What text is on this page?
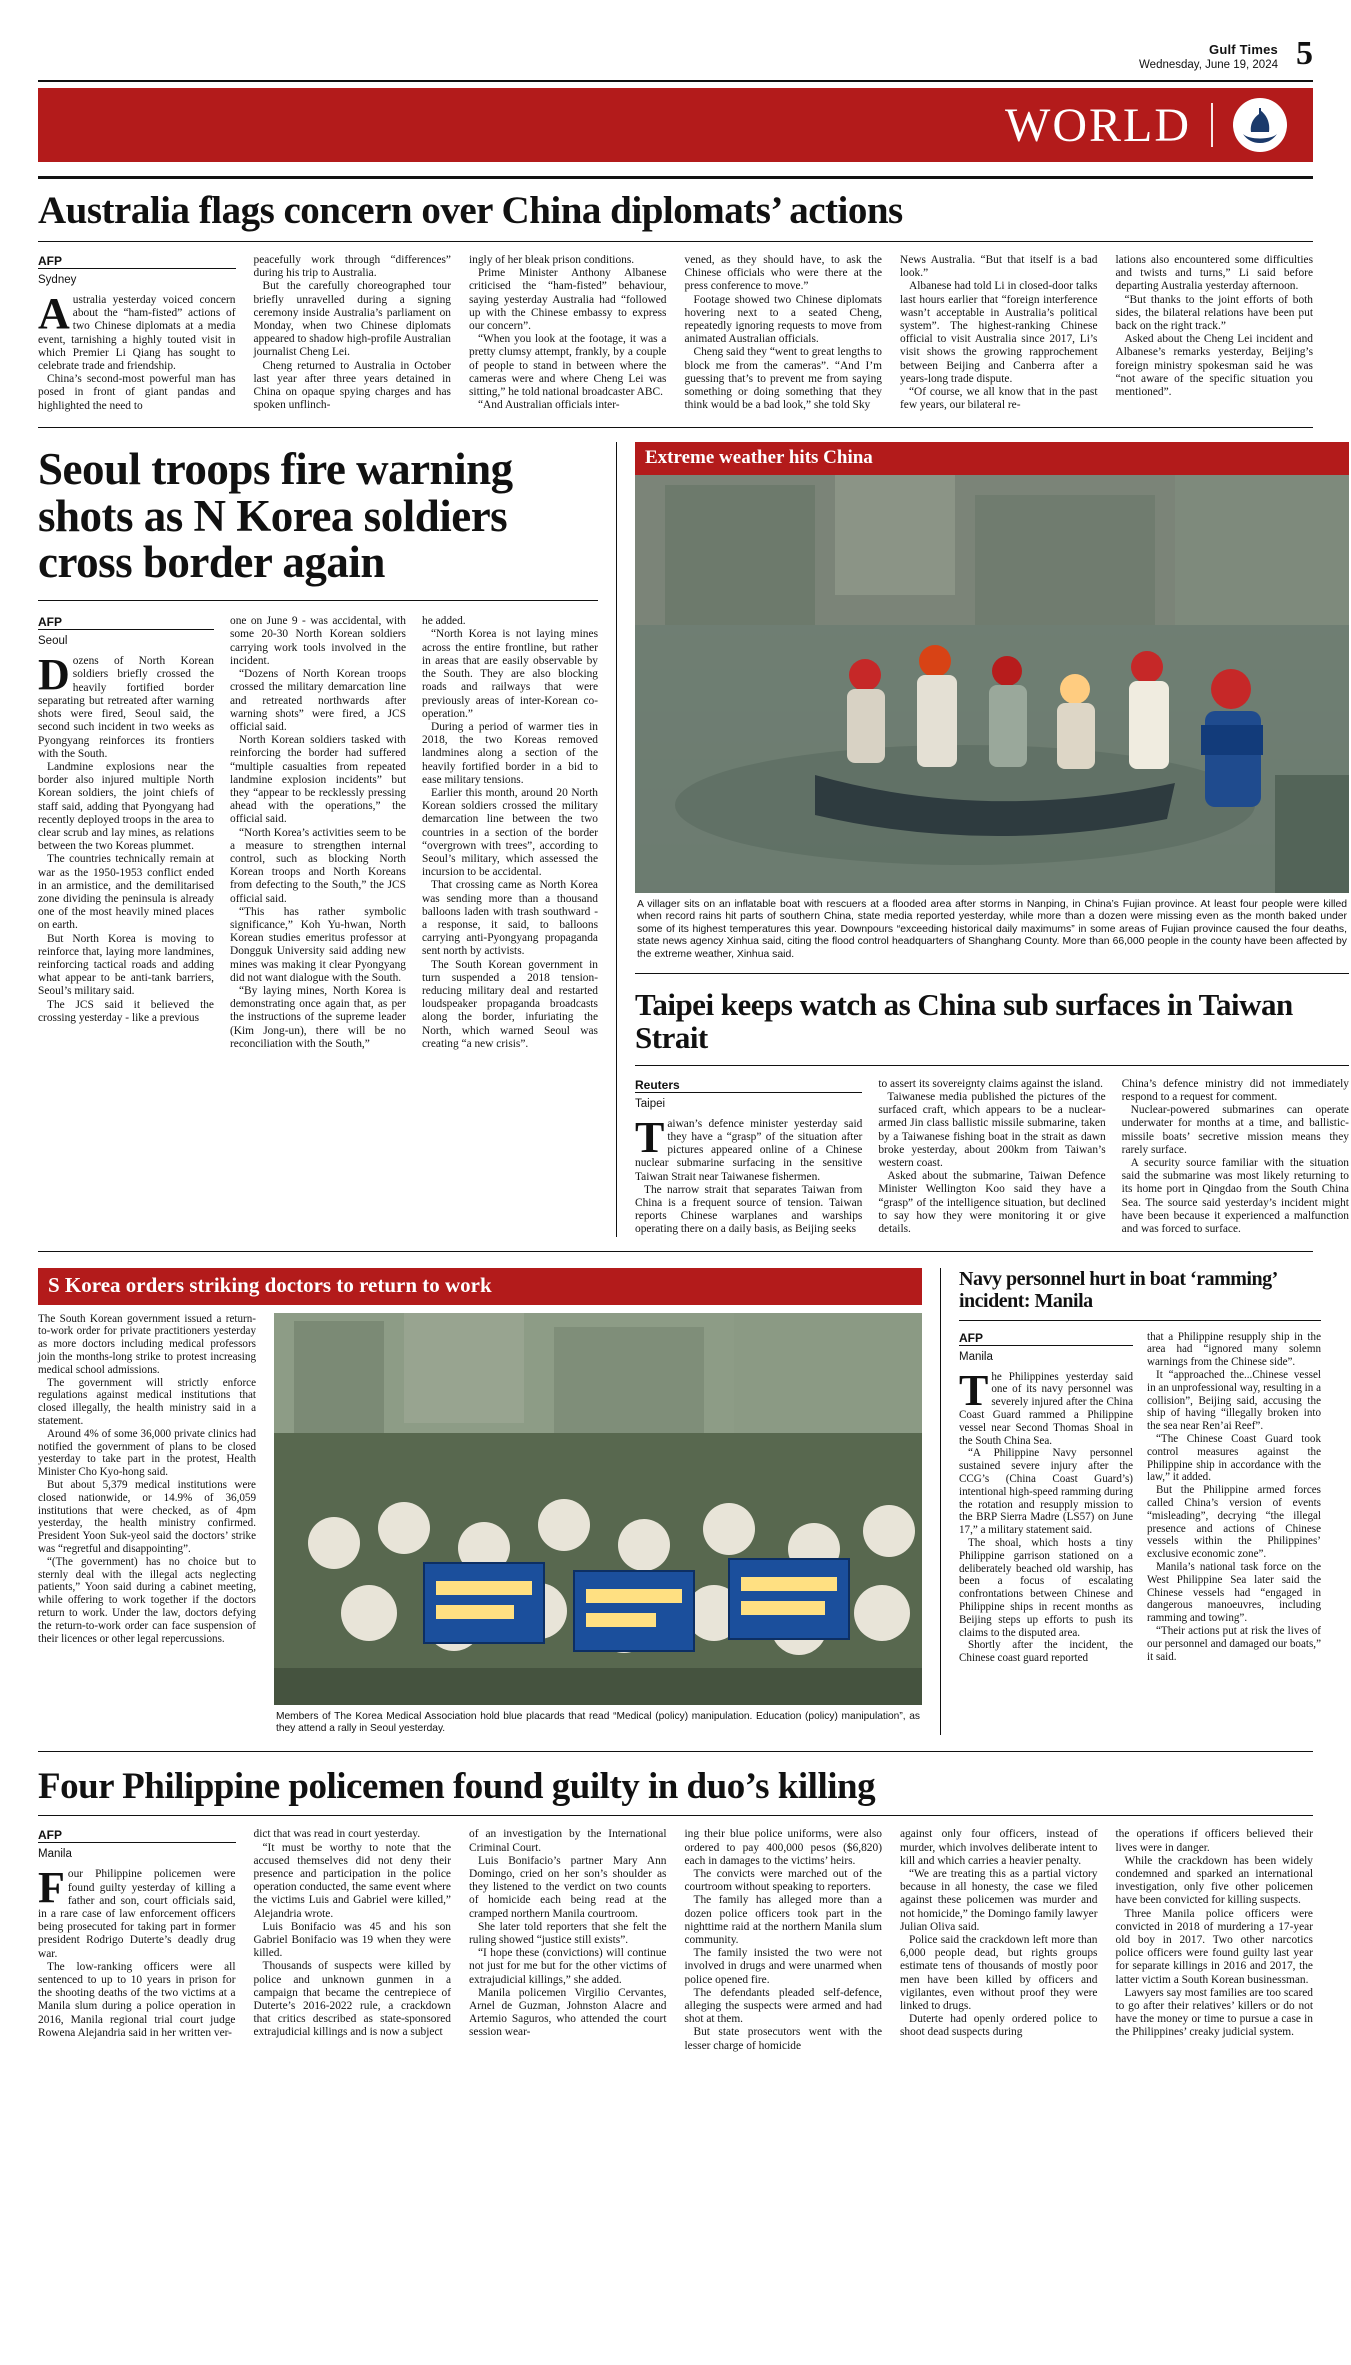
Gulf Times
Wednesday, June 19, 2024 5
WORLD
Australia flags concern over China diplomats’ actions
AFP
Sydney

Australia yesterday voiced concern about the “ham-fisted” actions of two Chinese diplomats at a media event, tarnishing a highly touted visit in which Premier Li Qiang has sought to celebrate trade and friendship.

China’s second-most powerful man has posed in front of giant pandas and highlighted the need to

peacefully work through “differences” during his trip to Australia.

But the carefully choreographed tour briefly unravelled during a signing ceremony inside Australia’s parliament on Monday, when two Chinese diplomats appeared to shadow high-profile Australian journalist Cheng Lei.

Cheng returned to Australia in October last year after three years detained in China on opaque spying charges and has spoken unflinch-

ingly of her bleak prison conditions.

Prime Minister Anthony Albanese criticised the “ham-fisted” behaviour, saying yesterday Australia had “followed up with the Chinese embassy to express our concern”.

“When you look at the footage, it was a pretty clumsy attempt, frankly, by a couple of people to stand in between where the cameras were and where Cheng Lei was sitting,” he told national broadcaster ABC.

“And Australian officials inter-

vened, as they should have, to ask the Chinese officials who were there at the press conference to move.”

Footage showed two Chinese diplomats hovering next to a seated Cheng, repeatedly ignoring requests to move from animated Australian officials.

Cheng said they “went to great lengths to block me from the cameras”. “And I’m guessing that’s to prevent me from saying something or doing something that they think would be a bad look,” she told Sky

News Australia. “But that itself is a bad look.”

Albanese had told Li in closed-door talks last hours earlier that “foreign interference wasn’t acceptable in Australia’s political system”. The highest-ranking Chinese official to visit Australia since 2017, Li’s visit shows the growing rapprochement between Beijing and Canberra after a years-long trade dispute.

“Of course, we all know that in the past few years, our bilateral re-

lations also encountered some difficulties and twists and turns,” Li said before departing Australia yesterday afternoon.

“But thanks to the joint efforts of both sides, the bilateral relations have been put back on the right track.”

Asked about the Cheng Lei incident and Albanese’s remarks yesterday, Beijing’s foreign ministry spokesman said he was “not aware of the specific situation you mentioned”.

Seoul troops fire warning shots as N Korea soldiers cross border again
AFP
Seoul

Dozens of North Korean soldiers briefly crossed the heavily fortified border separating but retreated after warning shots were fired, Seoul said, the second such incident in two weeks as Pyongyang reinforces its frontiers with the South.

Landmine explosions near the border also injured multiple North Korean soldiers, the joint chiefs of staff said, adding that Pyongyang had recently deployed troops in the area to clear scrub and lay mines, as relations between the two Koreas plummet.

The countries technically remain at war as the 1950-1953 conflict ended in an armistice, and the demilitarised zone dividing the peninsula is already one of the most heavily mined places on earth.

But North Korea is moving to reinforce that, laying more landmines, reinforcing tactical roads and adding what appear to be anti-tank barriers, Seoul’s military said.

The JCS said it believed the crossing yesterday - like a previous

one on June 9 - was accidental, with some 20-30 North Korean soldiers carrying work tools involved in the incident.

“Dozens of North Korean troops crossed the military demarcation line and retreated northwards after warning shots” were fired, a JCS official said.

North Korean soldiers tasked with reinforcing the border had suffered “multiple casualties from repeated landmine explosion incidents” but they “appear to be recklessly pressing ahead with the operations,” the official said.

“North Korea’s activities seem to be a measure to strengthen internal control, such as blocking North Korean troops and North Koreans from defecting to the South,” the JCS official said.

“This has rather symbolic significance,” Koh Yu-hwan, North Korean studies emeritus professor at Dongguk University said adding new mines was making it clear Pyongyang did not want dialogue with the South.

“By laying mines, North Korea is demonstrating once again that, as per the instructions of the supreme leader (Kim Jong-un), there will be no reconciliation with the South,”

he added.

“North Korea is not laying mines across the entire frontline, but rather in areas that are easily observable by the South. They are also blocking roads and railways that were previously areas of inter-Korean co-operation.”

During a period of warmer ties in 2018, the two Koreas removed landmines along a section of the heavily fortified border in a bid to ease military tensions.

Earlier this month, around 20 North Korean soldiers crossed the military demarcation line between the two countries in a section of the border “overgrown with trees”, according to Seoul’s military, which assessed the incursion to be accidental.

That crossing came as North Korea was sending more than a thousand balloons laden with trash southward - a response, it said, to balloons carrying anti-Pyongyang propaganda sent north by activists.

The South Korean government in turn suspended a 2018 tension-reducing military deal and restarted loudspeaker propaganda broadcasts along the border, infuriating the North, which warned Seoul was creating “a new crisis”.

Extreme weather hits China
A villager sits on an inflatable boat with rescuers at a flooded area after storms in Nanping, in China’s Fujian province. At least four people were killed when record rains hit parts of southern China, state media reported yesterday, while more than a dozen were missing even as the month baked under some of its highest temperatures this year. Downpours “exceeding historical daily maximums” in some areas of Fujian province caused the four deaths, state news agency Xinhua said, citing the flood control headquarters of Shanghang County. More than 66,000 people in the county have been affected by the extreme weather, Xinhua said.
Taipei keeps watch as China sub surfaces in Taiwan Strait
Reuters
Taipei

Taiwan’s defence minister yesterday said they have a “grasp” of the situation after pictures appeared online of a Chinese nuclear submarine surfacing in the sensitive Taiwan Strait near Taiwanese fishermen.

The narrow strait that separates Taiwan from China is a frequent source of tension. Taiwan reports Chinese warplanes and warships operating there on a daily basis, as Beijing seeks

to assert its sovereignty claims against the island.

Taiwanese media published the pictures of the surfaced craft, which appears to be a nuclear-armed Jin class ballistic missile submarine, taken by a Taiwanese fishing boat in the strait as dawn broke yesterday, about 200km from Taiwan’s western coast.

Asked about the submarine, Taiwan Defence Minister Wellington Koo said they have a “grasp” of the intelligence situation, but declined to say how they were monitoring it or give details.

China’s defence ministry did not immediately respond to a request for comment.

Nuclear-powered submarines can operate underwater for months at a time, and ballistic-missile boats’ secretive mission means they rarely surface.

A security source familiar with the situation said the submarine was most likely returning to its home port in Qingdao from the South China Sea. The source said yesterday’s incident might have been because it experienced a malfunction and was forced to surface.

S Korea orders striking doctors to return to work

The South Korean government issued a return-to-work order for private practitioners yesterday as more doctors including medical professors join the months-long strike to protest increasing medical school admissions.

The government will strictly enforce regulations against medical institutions that closed illegally, the health ministry said in a statement.

Around 4% of some 36,000 private clinics had notified the government of plans to be closed yesterday to take part in the protest, Health Minister Cho Kyo-hong said.

But about 5,379 medical institutions were closed nationwide, or 14.9% of 36,059 institutions that were checked, as of 4pm yesterday, the health ministry confirmed. President Yoon Suk-yeol said the doctors’ strike was “regretful and disappointing”.

“(The government) has no choice but to sternly deal with the illegal acts neglecting patients,” Yoon said during a cabinet meeting, while offering to work together if the doctors return to work. Under the law, doctors defying the return-to-work order can face suspension of their licences or other legal repercussions.

Members of The Korea Medical Association hold blue placards that read “Medical (policy) manipulation. Education (policy) manipulation”, as they attend a rally in Seoul yesterday.
Navy personnel hurt in boat ‘ramming’ incident: Manila
AFP
Manila

The Philippines yesterday said one of its navy personnel was severely injured after the China Coast Guard rammed a Philippine vessel near Second Thomas Shoal in the South China Sea.

“A Philippine Navy personnel sustained severe injury after the CCG’s (China Coast Guard’s) intentional high-speed ramming during the rotation and resupply mission to the BRP Sierra Madre (LS57) on June 17,” a military statement said.

The shoal, which hosts a tiny Philippine garrison stationed on a deliberately beached old warship, has been a focus of escalating confrontations between Chinese and Philippine ships in recent months as Beijing steps up efforts to push its claims to the disputed area.

Shortly after the incident, the Chinese coast guard reported

that a Philippine resupply ship in the area had “ignored many solemn warnings from the Chinese side”.

It “approached the...Chinese vessel in an unprofessional way, resulting in a collision”, Beijing said, accusing the ship of having “illegally broken into the sea near Ren’ai Reef”.

“The Chinese Coast Guard took control measures against the Philippine ship in accordance with the law,” it added.

But the Philippine armed forces called China’s version of events “misleading”, decrying “the illegal presence and actions of Chinese vessels within the Philippines’ exclusive economic zone”.

Manila’s national task force on the West Philippine Sea later said the Chinese vessels had “engaged in dangerous manoeuvres, including ramming and towing”.

“Their actions put at risk the lives of our personnel and damaged our boats,” it said.

Four Philippine policemen found guilty in duo’s killing
AFP
Manila

Four Philippine policemen were found guilty yesterday of killing a father and son, court officials said, in a rare case of law enforcement officers being prosecuted for taking part in former president Rodrigo Duterte’s deadly drug war.

The low-ranking officers were all sentenced to up to 10 years in prison for the shooting deaths of the two victims at a Manila slum during a police operation in 2016, Manila regional trial court judge Rowena Alejandria said in her written ver-

dict that was read in court yesterday.

“It must be worthy to note that the accused themselves did not deny their presence and participation in the police operation conducted, the same event where the victims Luis and Gabriel were killed,” Alejandria wrote.

Luis Bonifacio was 45 and his son Gabriel Bonifacio was 19 when they were killed.

Thousands of suspects were killed by police and unknown gunmen in a campaign that became the centrepiece of Duterte’s 2016-2022 rule, a crackdown that critics described as state-sponsored extrajudicial killings and is now a subject

of an investigation by the International Criminal Court.

Luis Bonifacio’s partner Mary Ann Domingo, cried on her son’s shoulder as they listened to the verdict on two counts of homicide each being read at the cramped northern Manila courtroom.

She later told reporters that she felt the ruling showed “justice still exists”.

“I hope these (convictions) will continue not just for me but for the other victims of extrajudicial killings,” she added.

Manila policemen Virgilio Cervantes, Arnel de Guzman, Johnston Alacre and Artemio Saguros, who attended the court session wear-

ing their blue police uniforms, were also ordered to pay 400,000 pesos ($6,820) each in damages to the victims’ heirs.

The convicts were marched out of the courtroom without speaking to reporters.

The family has alleged more than a dozen police officers took part in the nighttime raid at the northern Manila slum community.

The family insisted the two were not involved in drugs and were unarmed when police opened fire.

The defendants pleaded self-defence, alleging the suspects were armed and had shot at them.

But state prosecutors went with the lesser charge of homicide

against only four officers, instead of murder, which involves deliberate intent to kill and which carries a heavier penalty.

“We are treating this as a partial victory because in all honesty, the case we filed against these policemen was murder and not homicide,” the Domingo family lawyer Julian Oliva said.

Police said the crackdown left more than 6,000 people dead, but rights groups estimate tens of thousands of mostly poor men have been killed by officers and vigilantes, even without proof they were linked to drugs.

Duterte had openly ordered police to shoot dead suspects during

the operations if officers believed their lives were in danger.

While the crackdown has been widely condemned and sparked an international investigation, only five other policemen have been convicted for killing suspects.

Three Manila police officers were convicted in 2018 of murdering a 17-year old boy in 2017. Two other narcotics police officers were found guilty last year for separate killings in 2016 and 2017, the latter victim a South Korean businessman.

Lawyers say most families are too scared to go after their relatives’ killers or do not have the money or time to pursue a case in the Philippines’ creaky judicial system.
